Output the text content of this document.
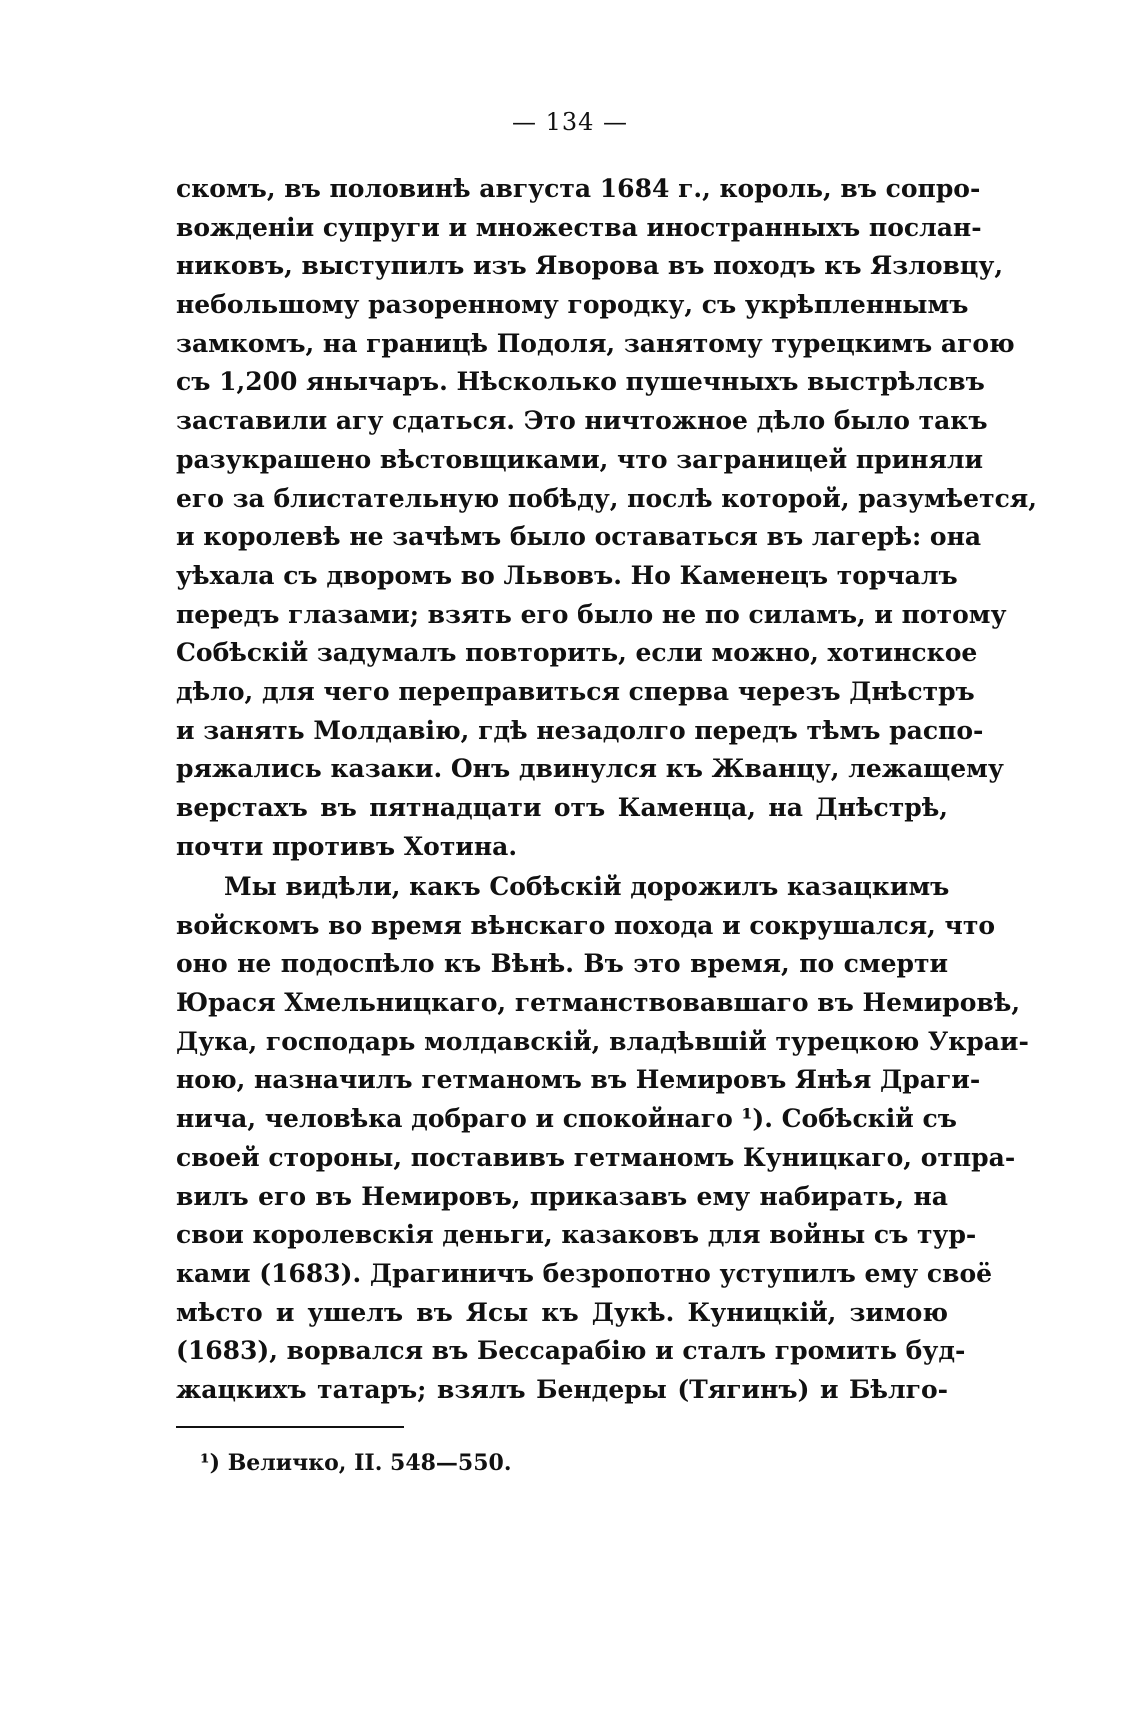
— 134 —
скомъ, въ половинѣ августа 1684 г., король, въ сопро-
вожденіи супруги и множества иностранныхъ послан-
никовъ, выступилъ изъ Яворова въ походъ къ Язловцу,
небольшому разоренному городку, съ укрѣпленнымъ
замкомъ, на границѣ Подоля, занятому турецкимъ агою
съ 1,200 янычаръ. Нѣсколько пушечныхъ выстрѣлсвъ
заставили агу сдаться. Это ничтожное дѣло было такъ
разукрашено вѣстовщиками, что заграницей приняли
его за блистательную побѣду, послѣ которой, разумѣется,
и королевѣ не зачѣмъ было оставаться въ лагерѣ: она
уѣхала съ дворомъ во Львовъ. Но Каменецъ торчалъ
передъ глазами; взять его было не по силамъ, и потому
Собѣскій задумалъ повторить, если можно, хотинское
дѣло, для чего переправиться сперва черезъ Днѣстръ
и занять Молдавію, гдѣ незадолго передъ тѣмъ распо-
ряжались казаки. Онъ двинулся къ Жванцу, лежащему
верстахъ въ пятнадцати отъ Каменца, на Днѣстрѣ,
почти противъ Хотина.
Мы видѣли, какъ Собѣскій дорожилъ казацкимъ
войскомъ во время вѣнскаго похода и сокрушался, что
оно не подоспѣло къ Вѣнѣ. Въ это время, по смерти
Юрася Хмельницкаго, гетманствовавшаго въ Немировѣ,
Дука, господарь молдавскій, владѣвшій турецкою Украи-
ною, назначилъ гетманомъ въ Немировъ Янѣя Драги-
нича, человѣка добраго и спокойнаго ¹). Собѣскій съ
своей стороны, поставивъ гетманомъ Куницкаго, отпра-
вилъ его въ Немировъ, приказавъ ему набирать, на
свои королевскія деньги, казаковъ для войны съ тур-
ками (1683). Драгиничъ безропотно уступилъ ему своё
мѣсто и ушелъ въ Ясы къ Дукѣ. Куницкій, зимою
(1683), ворвался въ Бессарабію и сталъ громить буд-
жацкихъ татаръ; взялъ Бендеры (Тягинъ) и Бѣлго-
¹) Величко, II. 548—550.
